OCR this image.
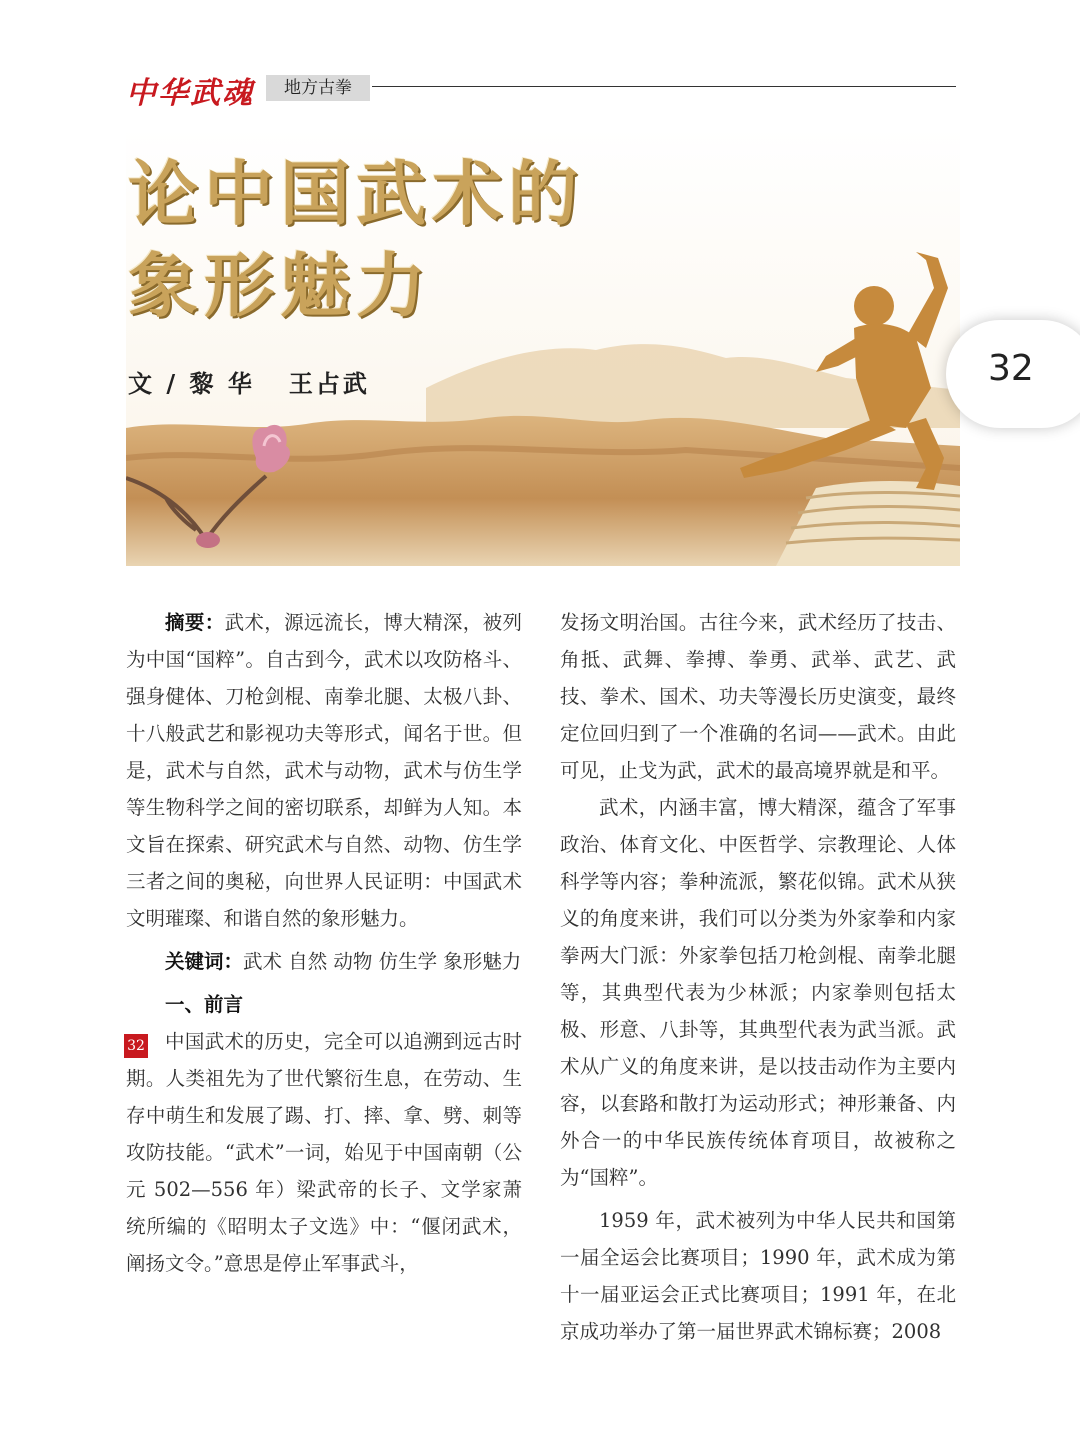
中华武魂	地方古拳
论中国武术的
象形魅力
文 / 黎 华   王占武	32

摘要：武术，源远流长，博大精深，被列为中国“国粹”。自古到今，武术以攻防格斗、强身健体、刀枪剑棍、南拳北腿、太极八卦、十八般武艺和影视功夫等形式，闻名于世。但是，武术与自然，武术与动物，武术与仿生学等生物科学之间的密切联系，却鲜为人知。本文旨在探索、研究武术与自然、动物、仿生学三者之间的奥秘，向世界人民证明：中国武术文明璀璨、和谐自然的象形魅力。

关键词：武术 自然 动物 仿生学 象形魅力

一、前言

中国武术的历史，完全可以追溯到远古时期。人类祖先为了世代繁衍生息，在劳动、生存中萌生和发展了踢、打、摔、拿、劈、刺等攻防技能。“武术”一词，始见于中国南朝（公元 502—556 年）梁武帝的长子、文学家萧统所编的《昭明太子文选》中：“偃闭武术，阐扬文令。”意思是停止军事武斗，

发扬文明治国。古往今来，武术经历了技击、角抵、武舞、拳搏、拳勇、武举、武艺、武技、拳术、国术、功夫等漫长历史演变，最终定位回归到了一个准确的名词——武术。由此可见，止戈为武，武术的最高境界就是和平。

武术，内涵丰富，博大精深，蕴含了军事政治、体育文化、中医哲学、宗教理论、人体科学等内容；拳种流派，繁花似锦。武术从狭义的角度来讲，我们可以分类为外家拳和内家拳两大门派：外家拳包括刀枪剑棍、南拳北腿等，其典型代表为少林派；内家拳则包括太极、形意、八卦等，其典型代表为武当派。武术从广义的角度来讲，是以技击动作为主要内容，以套路和散打为运动形式；神形兼备、内外合一的中华民族传统体育项目，故被称之为“国粹”。

1959 年，武术被列为中华人民共和国第一届全运会比赛项目；1990 年，武术成为第十一届亚运会正式比赛项目；1991 年，在北京成功举办了第一届世界武术锦标赛；2008

32
